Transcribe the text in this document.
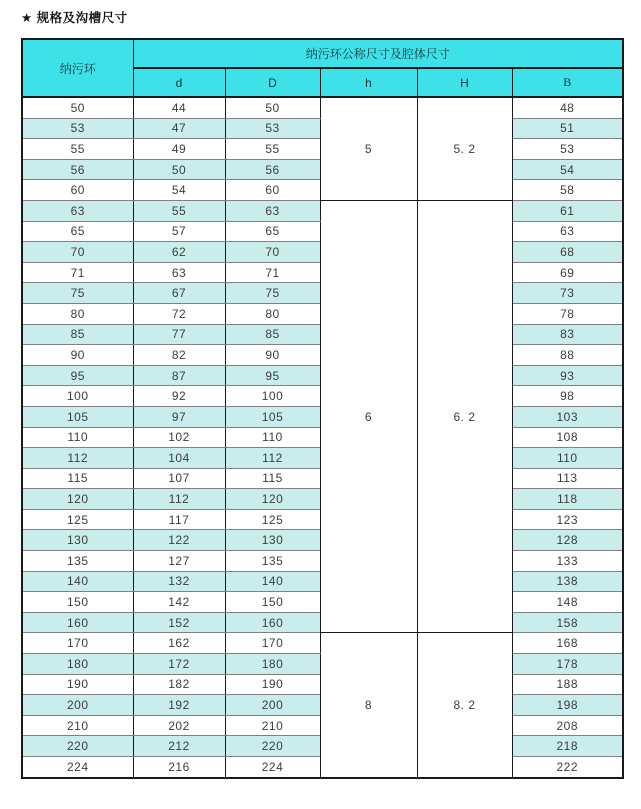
★ 规格及沟槽尺寸
纳污环	纳污环公称尺寸及腔体尺寸				
	d	D	h	H	B
50	44	50	5	5. 2	48
53	47	53			51
55	49	55			53
56	50	56			54
60	54	60			58
63	55	63	6	6. 2	61
65	57	65			63
70	62	70			68
71	63	71			69
75	67	75			73
80	72	80			78
85	77	85			83
90	82	90			88
95	87	95			93
100	92	100			98
105	97	105			103
110	102	110			108
112	104	112			110
115	107	115			113
120	112	120			118
125	117	125			123
130	122	130			128
135	127	135			133
140	132	140			138
150	142	150			148
160	152	160			158
170	162	170	8	8. 2	168
180	172	180			178
190	182	190			188
200	192	200			198
210	202	210			208
220	212	220			218
224	216	224			222
